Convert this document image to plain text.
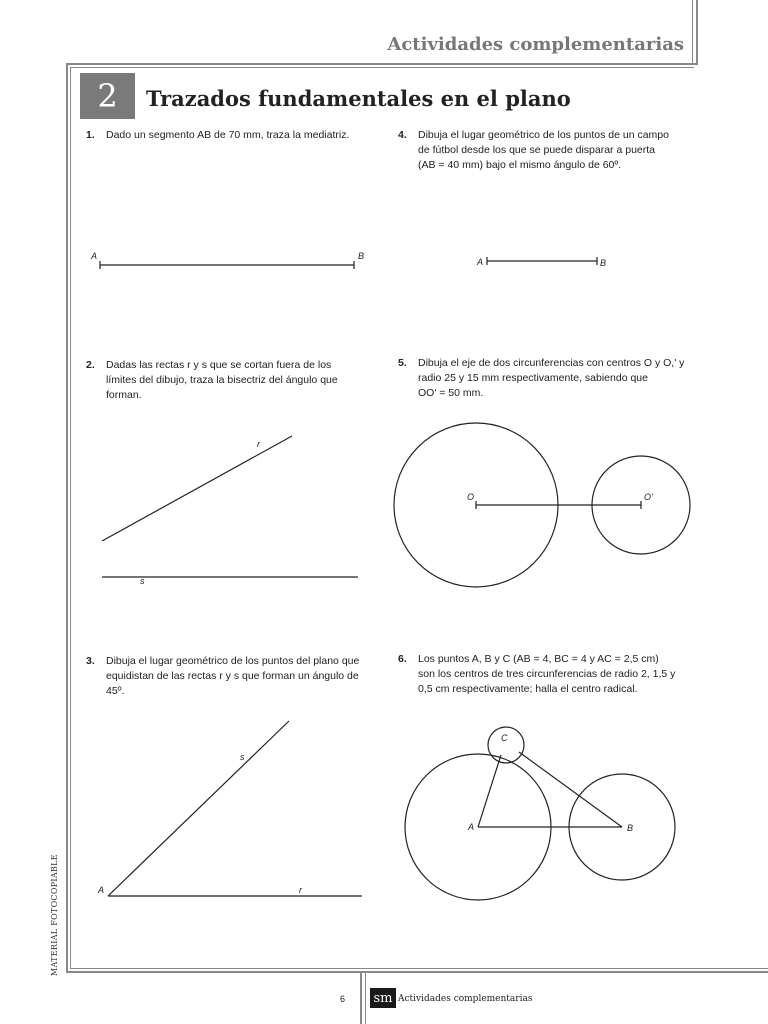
Actividades complementarias
2	Trazados fundamentales en el plano
1. Dado un segmento AB de 70 mm, traza la mediatriz.
2. Dadas las rectas r y s que se cortan fuera de los
límites del dibujo, traza la bisectriz del ángulo que
forman.
3. Dibuja el lugar geométrico de los puntos del plano que
equidistan de las rectas r y s que forman un ángulo de
45º.
4. Dibuja el lugar geométrico de los puntos de un campo
de fútbol desde los que se puede disparar a puerta
(AB = 40 mm) bajo el mismo ángulo de 60º.
5. Dibuja el eje de dos circunferencias con centros O y O,' y
radio 25 y 15 mm respectivamente, sabiendo que
OO' = 50 mm.
6. Los puntos A, B y C (AB = 4, BC = 4 y AC = 2,5 cm)
son los centros de tres circunferencias de radio 2, 1,5 y
0,5 cm respectivamente; halla el centro radical.
A	B
A	B
r
s
O	O'
s
r
A
A	B
C
MATERIAL FOTOCOPIABLE
6 sm Actividades complementarias
